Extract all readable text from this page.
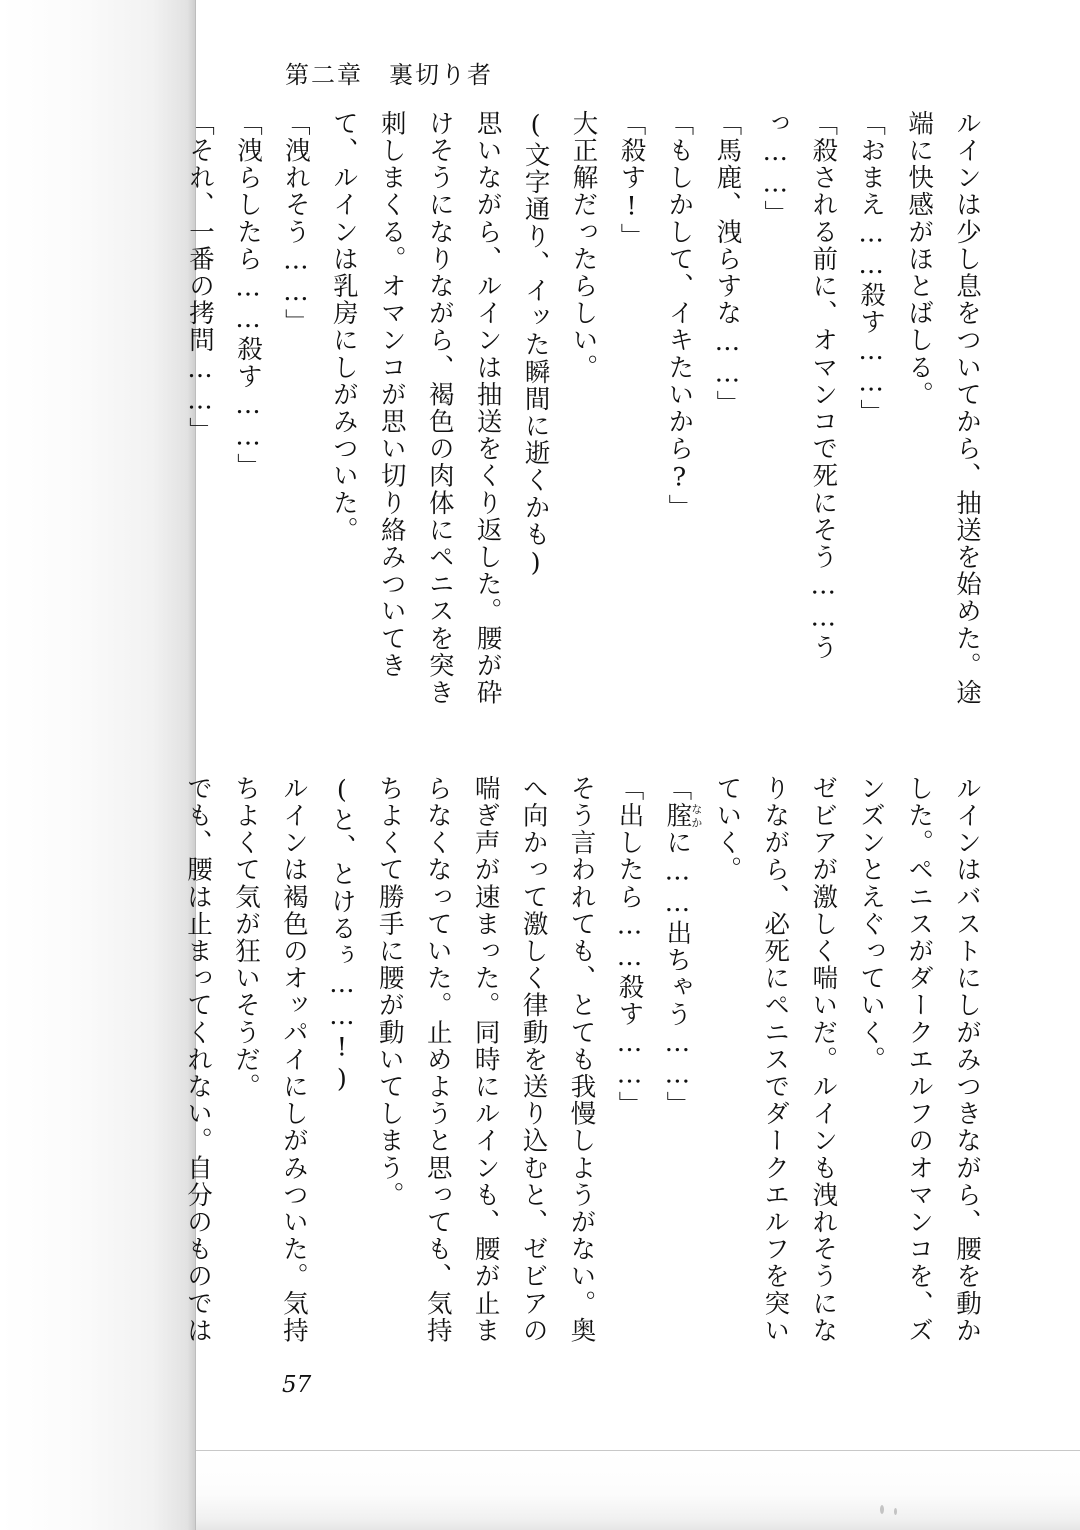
第二章　裏切り者

ルインは少し息をついてから、抽送を始めた。途端に快感がほとばしる。

「おまえ……殺す……」

「殺される前に、オマンコで死にそう……うっ……」

「馬鹿、洩らすな……」

「もしかして、イキたいから?」

「殺す!」

大正解だったらしい。

(文字通り、イッた瞬間に逝くかも)

思いながら、ルインは抽送をくり返した。腰が砕けそうになりながら、褐色の肉体にペニスを突き刺しまくる。オマンコが思い切り絡みついてきて、ルインは乳房にしがみついた。

「洩れそう……」

「洩らしたら……殺す……」

「それ、一番の拷問……」

ルインはバストにしがみつきながら、腰を動かした。ペニスがダークエルフのオマンコを、ズンズンとえぐっていく。

ゼビアが激しく喘いだ。ルインも洩れそうになりながら、必死にペニスでダークエルフを突いていく。

「腟なかに……出ちゃう……」

「出したら……殺す……」

そう言われても、とても我慢しようがない。奥へ向かって激しく律動を送り込むと、ゼビアの喘ぎ声が速まった。同時にルインも、腰が止まらなくなっていた。止めようと思っても、気持ちよくて勝手に腰が動いてしまう。

(と、とけるぅ……!)

ルインは褐色のオッパイにしがみついた。気持ちよくて気が狂いそうだ。

でも、腰は止まってくれない。自分のものでは

57
